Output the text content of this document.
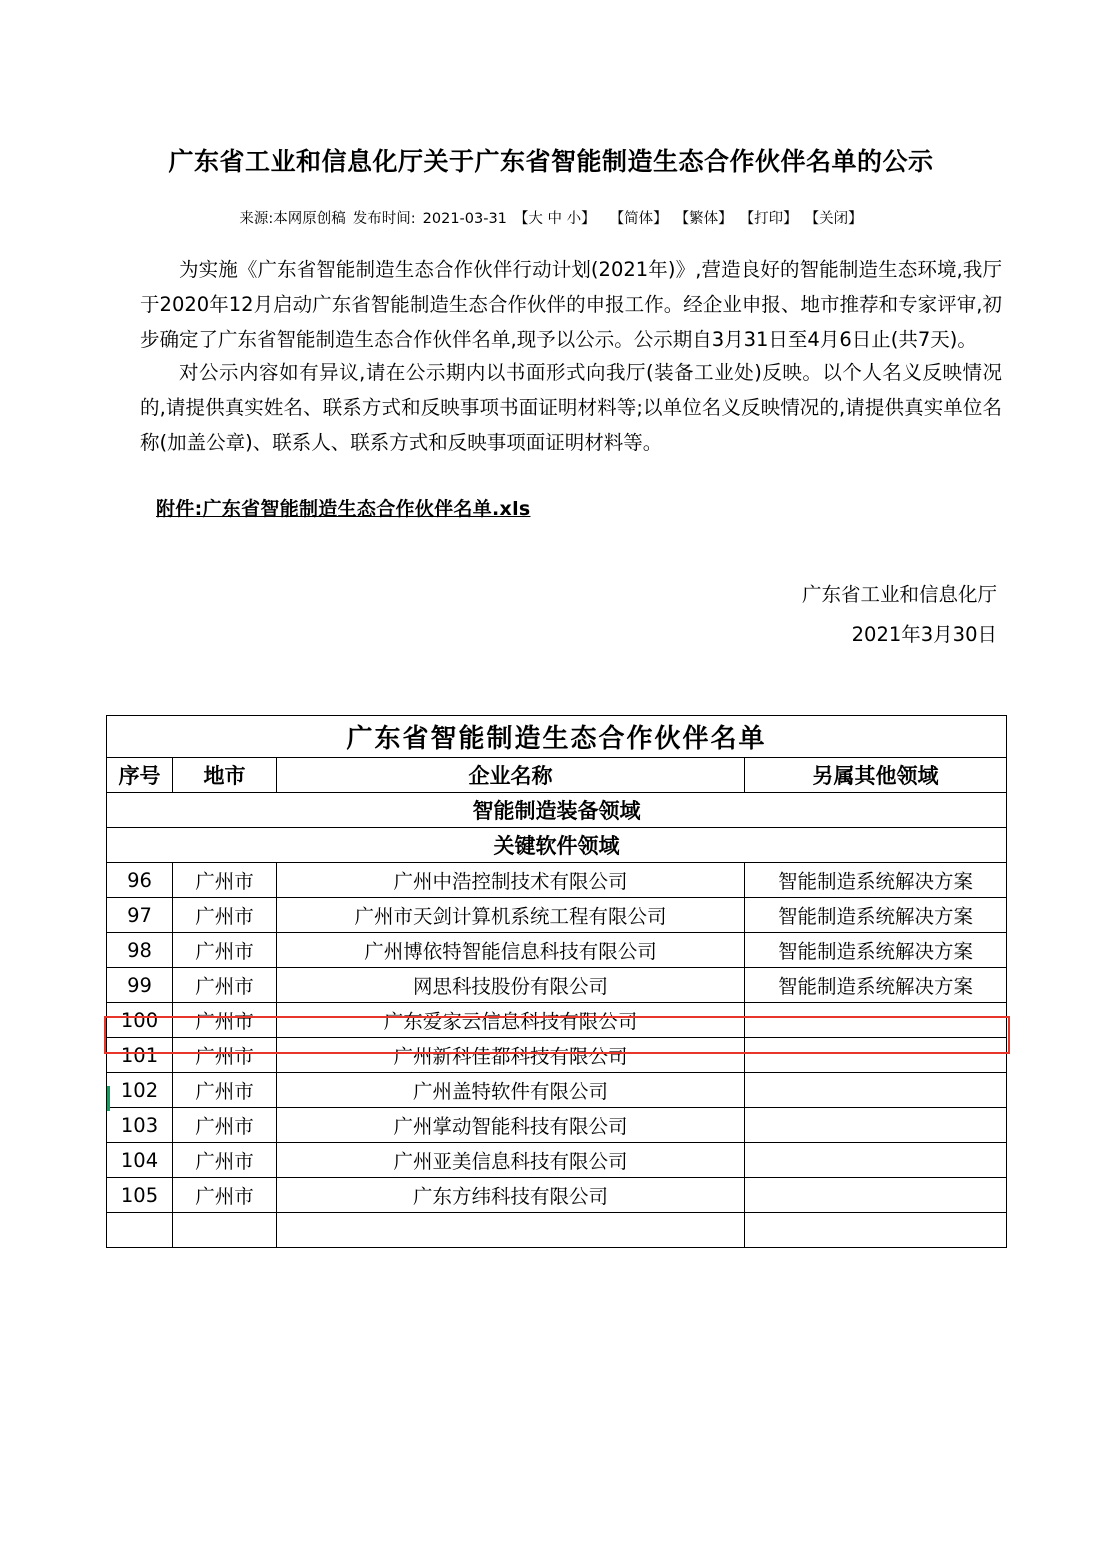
广东省工业和信息化厅关于广东省智能制造生态合作伙伴名单的公示
来源:本网原创稿 发布时间: 2021-03-31 【大 中 小】 【简体】 【繁体】 【打印】 【关闭】
为实施《广东省智能制造生态合作伙伴行动计划(2021年)》,营造良好的智能制造生态环境,我厅于2020年12月启动广东省智能制造生态合作伙伴的申报工作。经企业申报、地市推荐和专家评审,初步确定了广东省智能制造生态合作伙伴名单,现予以公示。公示期自3月31日至4月6日止(共7天)。
对公示内容如有异议,请在公示期内以书面形式向我厅(装备工业处)反映。以个人名义反映情况的,请提供真实姓名、联系方式和反映事项书面证明材料等;以单位名义反映情况的,请提供真实单位名称(加盖公章)、联系人、联系方式和反映事项面证明材料等。
附件:广东省智能制造生态合作伙伴名单.xls
广东省工业和信息化厅
2021年3月30日
广东省智能制造生态合作伙伴名单			
序号	地市	企业名称	另属其他领域
智能制造装备领域			
关键软件领域			
96	广州市	广州中浩控制技术有限公司	智能制造系统解决方案
97	广州市	广州市天剑计算机系统工程有限公司	智能制造系统解决方案
98	广州市	广州博依特智能信息科技有限公司	智能制造系统解决方案
99	广州市	网思科技股份有限公司	智能制造系统解决方案
100	广州市	广东爱家云信息科技有限公司	
101	广州市	广州新科佳都科技有限公司	
102	广州市	广州盖特软件有限公司	
103	广州市	广州掌动智能科技有限公司	
104	广州市	广州亚美信息科技有限公司	
105	广州市	广东方纬科技有限公司	
